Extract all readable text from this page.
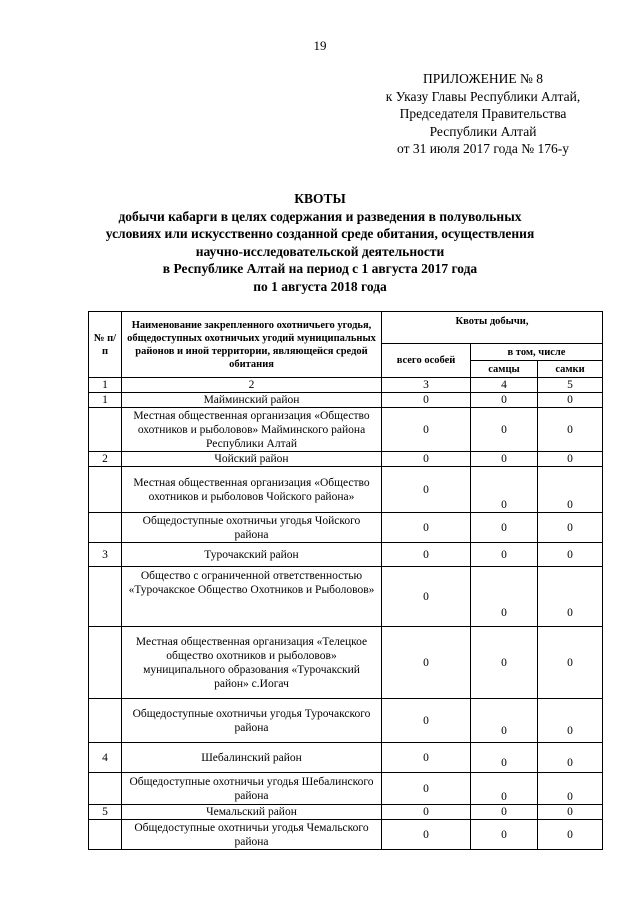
19
ПРИЛОЖЕНИЕ № 8
к Указу Главы Республики Алтай,
Председателя Правительства
Республики Алтай
от 31 июля 2017 года № 176-у
КВОТЫ
добычи кабарги в целях содержания и разведения в полувольных
условиях или искусственно созданной среде обитания, осуществления
научно-исследовательской деятельности
в Республике Алтай на период с 1 августа 2017 года
по 1 августа 2018 года
№ п/п	Наименование закрепленного охотничьего угодья, общедоступных охотничьих угодий муниципальных районов и иной территории, являющейся средой обитания	Квоты добычи,		
		всего особей	в том, числе	
			самцы	самки
1	2	3	4	5
1	Майминский район	0	0	0
	Местная общественная организация «Общество охотников и рыболовов» Майминского района Республики Алтай	0	0	0
2	Чойский район	0	0	0
	Местная общественная организация «Общество охотников и рыболовов Чойского района»	0	0	0
	Общедоступные охотничьи угодья Чойского района	0	0	0
3	Турочакский район	0	0	0
	Общество с ограниченной ответственностью «Турочакское Общество Охотников и Рыболовов»	0	0	0
	Местная общественная организация «Телецкое общество охотников и рыболовов» муниципального образования «Турочакский район» с.Иогач	0	0	0
	Общедоступные охотничьи угодья Турочакского района	0	0	0
4	Шебалинский район	0	0	0
	Общедоступные охотничьи угодья Шебалинского района	0	0	0
5	Чемальский район	0	0	0
	Общедоступные охотничьи угодья Чемальского района	0	0	0
